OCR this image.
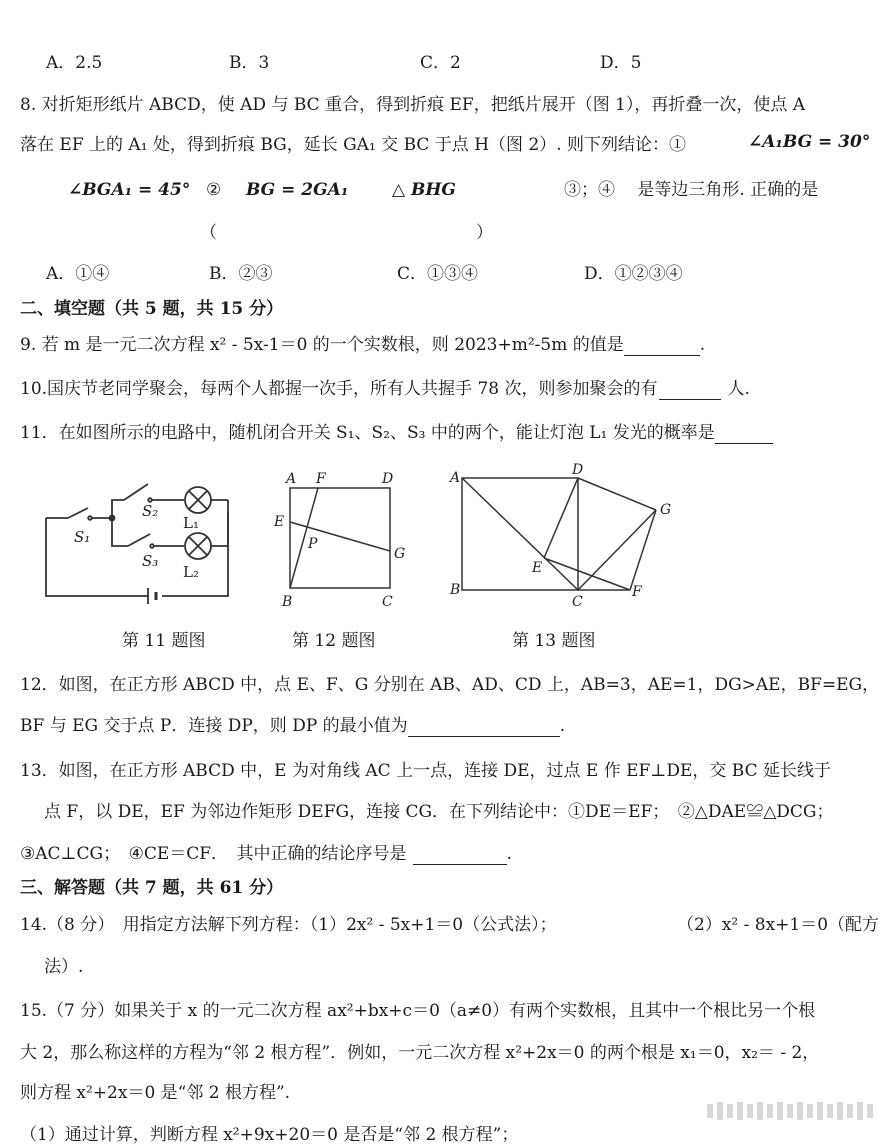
A．2.5	B．3	C．2	D．5
8. 对折矩形纸片 ABCD，使 AD 与 BC 重合，得到折痕 EF，把纸片展开（图 1），再折叠一次，使点 A
落在 EF 上的 A₁ 处，得到折痕 BG，延长 GA₁ 交 BC 于点 H（图 2）. 则下列结论：①	∠A₁BG = 30°
∠BGA₁ = 45° ② BG = 2GA₁	△ BHG	③；④　 是等边三角形. 正确的是
（	）
A．①④	B．②③	C．①③④	D．①②③④
二、填空题（共 5 题，共 15 分）
9. 若 m 是一元二次方程 x² - 5x-1＝0 的一个实数根，则 2023+m²-5m 的值是	.
10.国庆节老同学聚会，每两个人都握一次手，所有人共握手 78 次，则参加聚会的有	人.
11．在如图所示的电路中，随机闭合开关 S₁、S₂、S₃ 中的两个，能让灯泡 L₁ 发光的概率是
S₁
S₂
S₃
L₁
L₂
A F	D
E
P
G
B	C
A	D
G
E
B
C
F
第 11 题图	第 12 题图	第 13 题图
12．如图，在正方形 ABCD 中，点 E、F、G 分别在 AB、AD、CD 上，AB=3，AE=1，DG>AE，BF=EG，
BF 与 EG 交于点 P．连接 DP，则 DP 的最小值为	.
13．如图，在正方形 ABCD 中，E 为对角线 AC 上一点，连接 DE，过点 E 作 EF⊥DE，交 BC 延长线于
点 F，以 DE，EF 为邻边作矩形 DEFG，连接 CG．在下列结论中：①DE＝EF；　②△DAE≌△DCG；
③AC⊥CG；　④CE＝CF．　其中正确的结论序号是	.
三、解答题（共 7 题，共 61 分）
14.（8 分）　用指定方法解下列方程：（1）2x² - 5x+1＝0（公式法）；	（2）x² - 8x+1＝0（配方
法）.
15.（7 分）如果关于 x 的一元二次方程 ax²+bx+c＝0（a≠0）有两个实数根，且其中一个根比另一个根
大 2，那么称这样的方程为“邻 2 根方程”．例如，一元二次方程 x²+2x＝0 的两个根是 x₁＝0，x₂＝ - 2，
则方程 x²+2x＝0 是“邻 2 根方程”.
（1）通过计算，判断方程 x²+9x+20＝0 是否是“邻 2 根方程”；
